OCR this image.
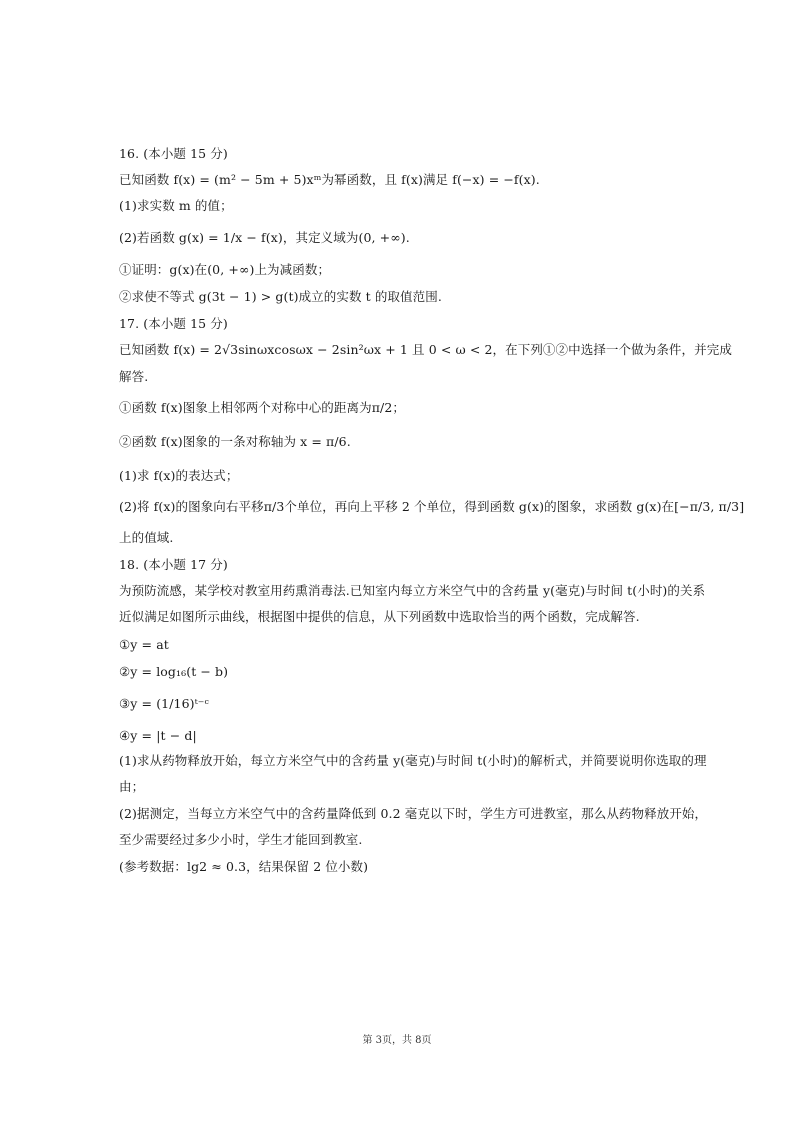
16. (本小题 15 分)
已知函数 f(x) = (m² − 5m + 5)xᵐ为幂函数，且 f(x)满足 f(−x) = −f(x).
(1)求实数 m 的值；
(2)若函数 g(x) = 1/x − f(x)，其定义域为(0, +∞).
①证明：g(x)在(0, +∞)上为减函数；
②求使不等式 g(3t − 1) > g(t)成立的实数 t 的取值范围.
17. (本小题 15 分)
已知函数 f(x) = 2√3sinωxcosωx − 2sin²ωx + 1 且 0 < ω < 2，在下列①②中选择一个做为条件，并完成
解答.
①函数 f(x)图象上相邻两个对称中心的距离为π/2；
②函数 f(x)图象的一条对称轴为 x = π/6.
(1)求 f(x)的表达式；
(2)将 f(x)的图象向右平移π/3个单位，再向上平移 2 个单位，得到函数 g(x)的图象，求函数 g(x)在[−π/3, π/3]
上的值域.
18. (本小题 17 分)
为预防流感，某学校对教室用药熏消毒法.已知室内每立方米空气中的含药量 y(毫克)与时间 t(小时)的关系
近似满足如图所示曲线，根据图中提供的信息，从下列函数中选取恰当的两个函数，完成解答.
①y = at
②y = log₁₆(t − b)
③y = (1/16)ᵗ⁻ᶜ
④y = |t − d|
(1)求从药物释放开始，每立方米空气中的含药量 y(毫克)与时间 t(小时)的解析式，并简要说明你选取的理
由；
(2)据测定，当每立方米空气中的含药量降低到 0.2 毫克以下时，学生方可进教室，那么从药物释放开始，
至少需要经过多少小时，学生才能回到教室.
(参考数据：lg2 ≈ 0.3，结果保留 2 位小数)
第 3页，共 8页
